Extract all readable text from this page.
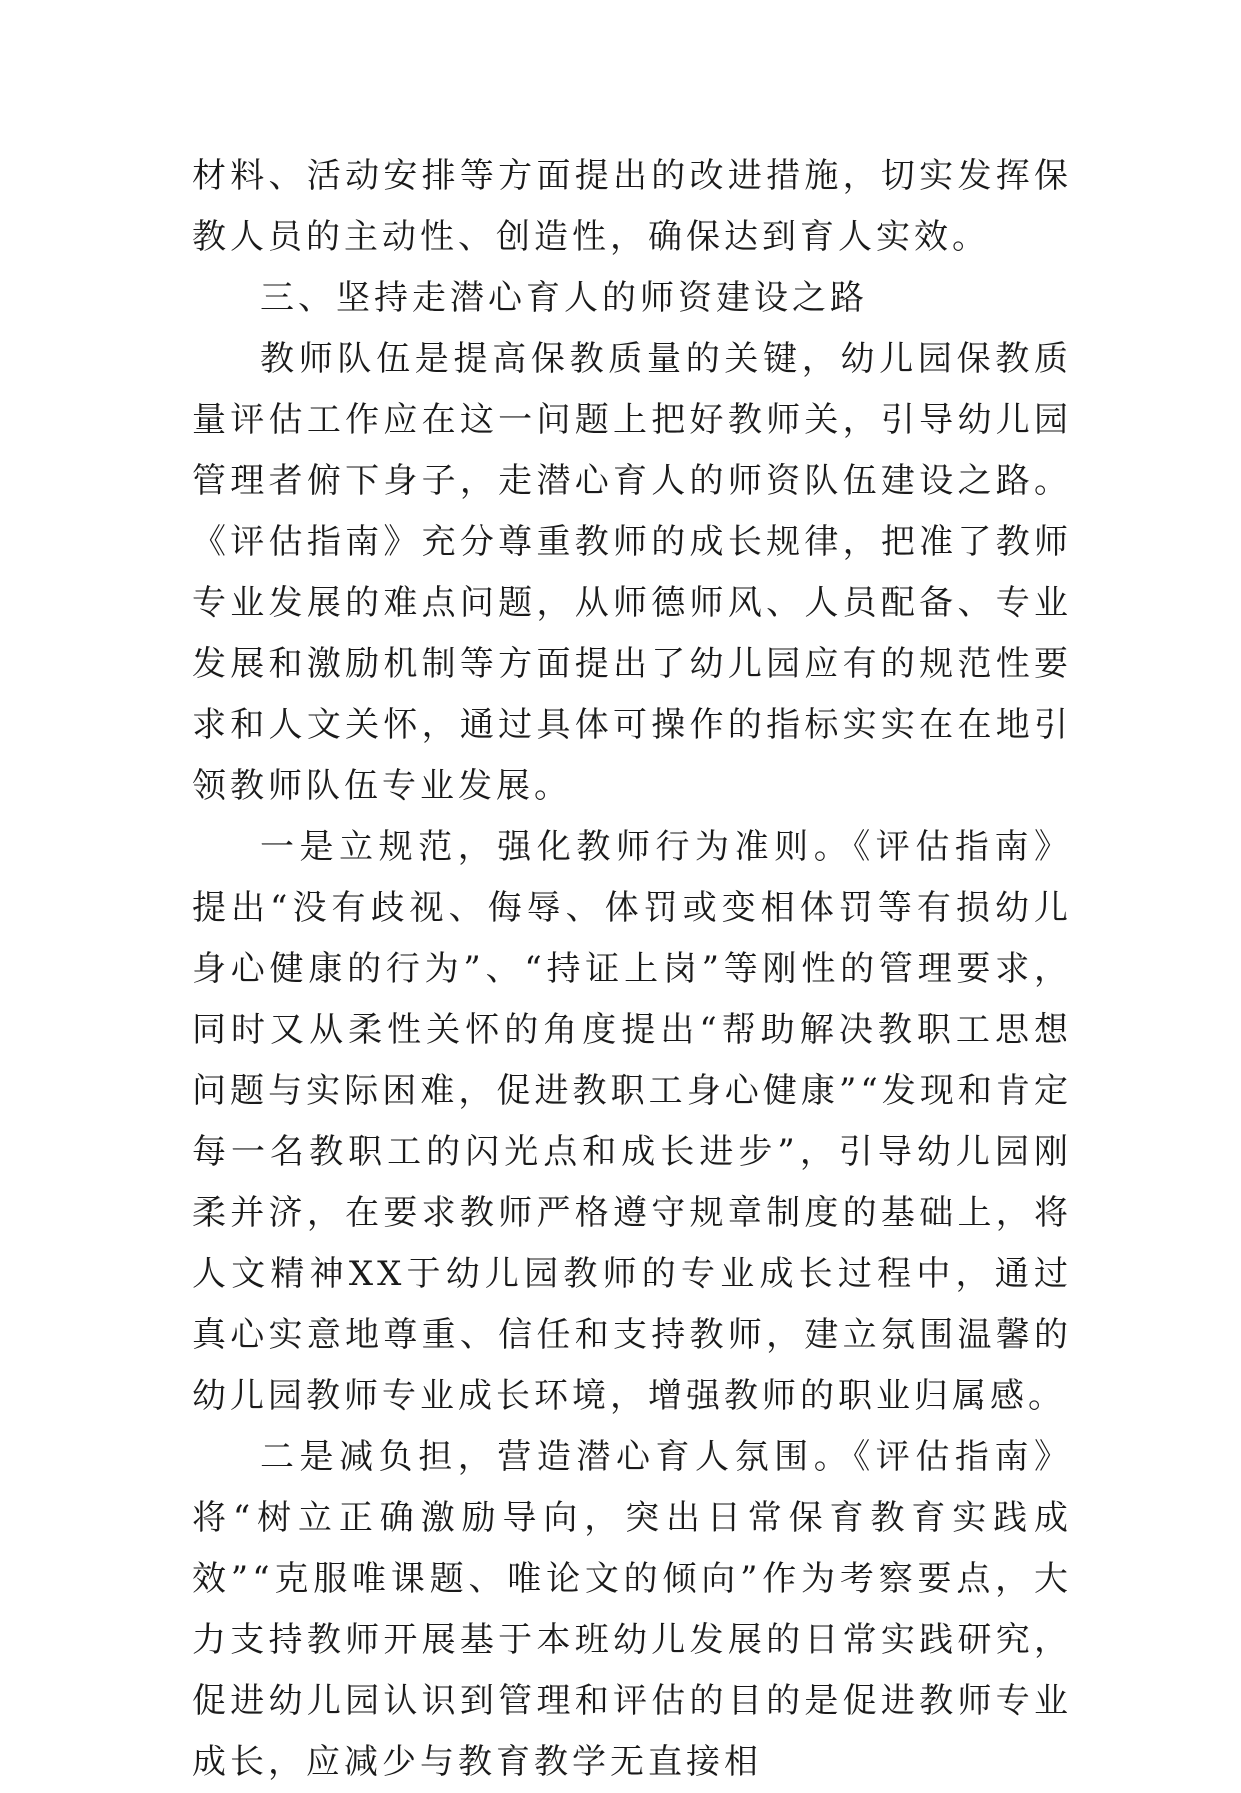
材料、活动安排等方面提出的改进措施，切实发挥保教人员的主动性、创造性，确保达到育人实效。

三、坚持走潜心育人的师资建设之路

教师队伍是提高保教质量的关键，幼儿园保教质量评估工作应在这一问题上把好教师关，引导幼儿园管理者俯下身子，走潜心育人的师资队伍建设之路。《评估指南》充分尊重教师的成长规律，把准了教师专业发展的难点问题，从师德师风、人员配备、专业发展和激励机制等方面提出了幼儿园应有的规范性要求和人文关怀，通过具体可操作的指标实实在在地引领教师队伍专业发展。

一是立规范，强化教师行为准则。《评估指南》提出“没有歧视、侮辱、体罚或变相体罚等有损幼儿身心健康的行为”、“持证上岗”等刚性的管理要求，同时又从柔性关怀的角度提出“帮助解决教职工思想问题与实际困难，促进教职工身心健康”“发现和肯定每一名教职工的闪光点和成长进步”，引导幼儿园刚柔并济，在要求教师严格遵守规章制度的基础上，将人文精神XX于幼儿园教师的专业成长过程中，通过真心实意地尊重、信任和支持教师，建立氛围温馨的幼儿园教师专业成长环境，增强教师的职业归属感。

二是减负担，营造潜心育人氛围。《评估指南》将“树立正确激励导向，突出日常保育教育实践成效”“克服唯课题、唯论文的倾向”作为考察要点，大力支持教师开展基于本班幼儿发展的日常实践研究，促进幼儿园认识到管理和评估的目的是促进教师专业成长，应减少与教育教学无直接相
